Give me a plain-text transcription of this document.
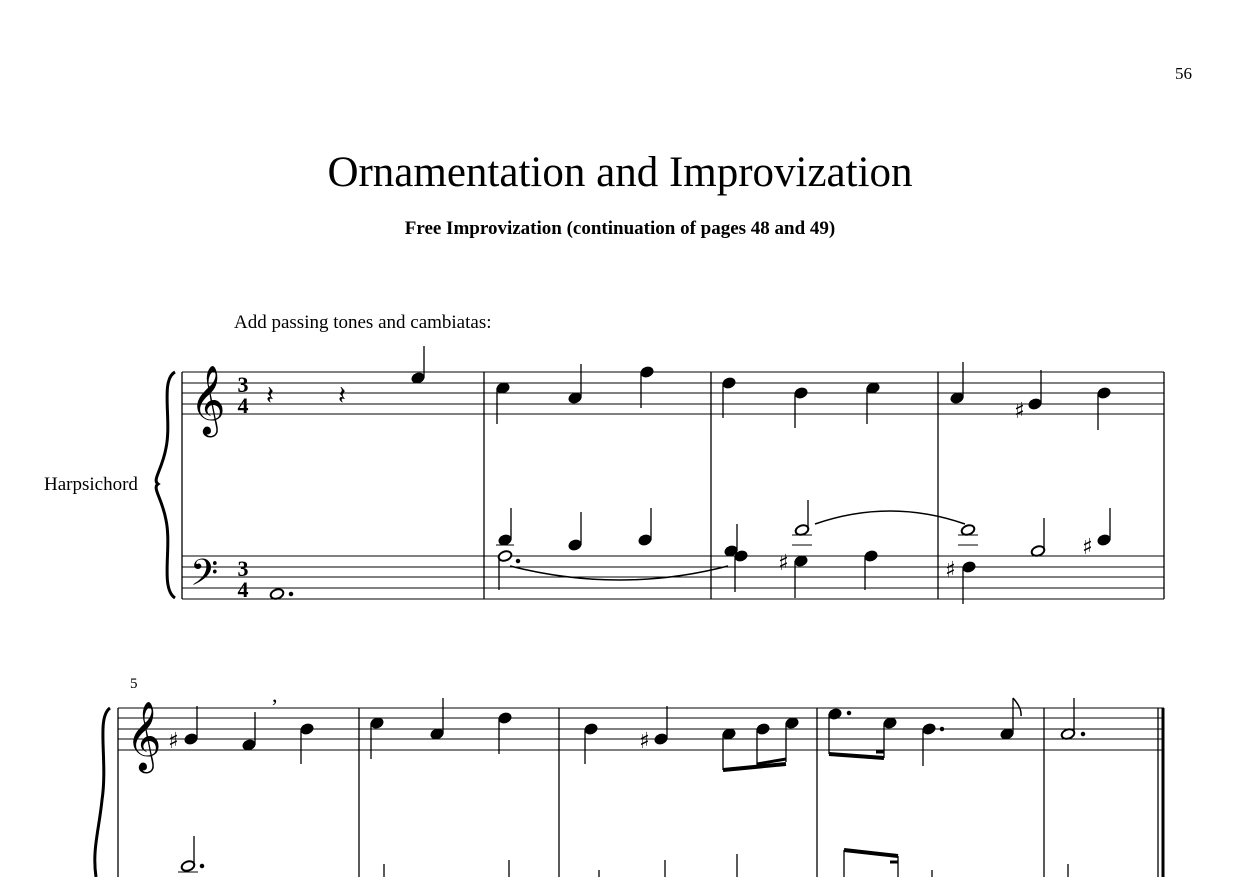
56
Ornamentation and Improvization
Free Improvization (continuation of pages 48 and 49)
Add passing tones and cambiatas:
Harpsichord
𝄞
𝄢
3
4
3
4
𝄽 𝄽
♯
♯	♯
♯
5
𝄞 ♯
,
♯
